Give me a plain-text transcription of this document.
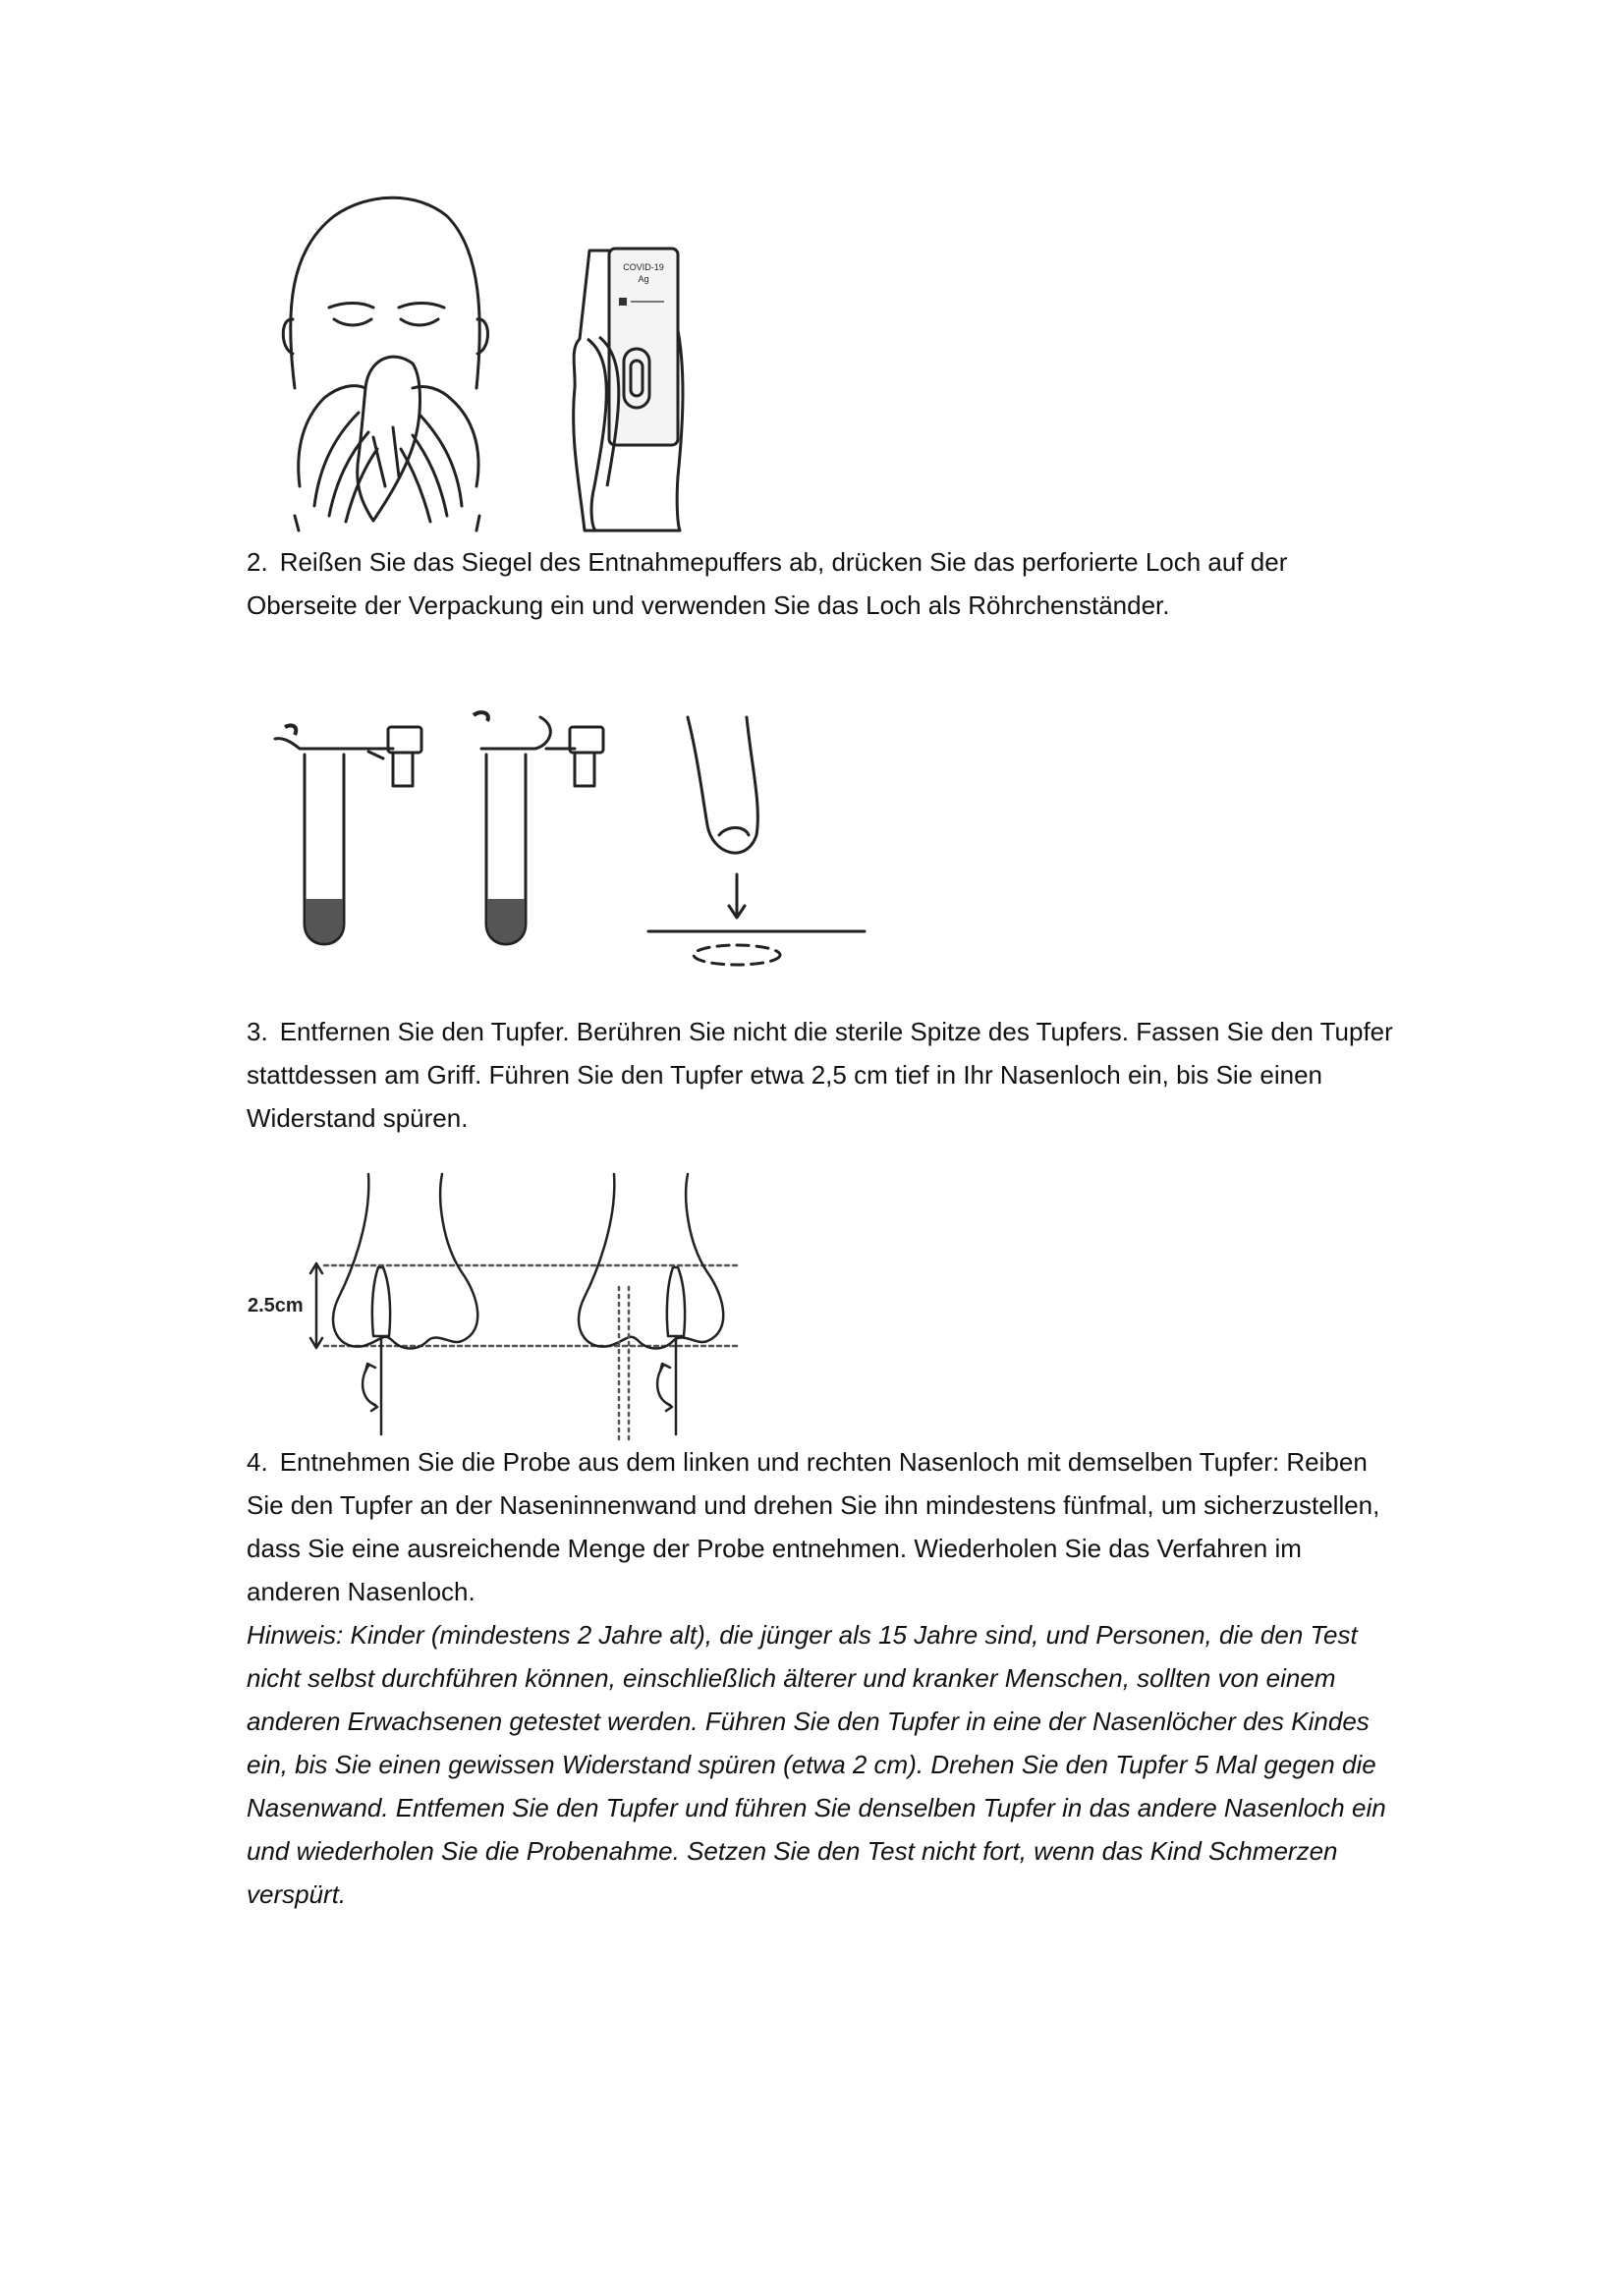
COVID-19
Ag

2. Reißen Sie das Siegel des Entnahmepuffers ab, drücken Sie das perforierte Loch auf der Oberseite der Verpackung ein und verwenden Sie das Loch als Röhrchenständer.

3. Entfernen Sie den Tupfer. Berühren Sie nicht die sterile Spitze des Tupfers. Fassen Sie den Tupfer stattdessen am Griff. Führen Sie den Tupfer etwa 2,5 cm tief in Ihr Nasenloch ein, bis Sie einen Widerstand spüren.

2.5cm

4. Entnehmen Sie die Probe aus dem linken und rechten Nasenloch mit demselben Tupfer: Reiben Sie den Tupfer an der Naseninnenwand und drehen Sie ihn mindestens fünfmal, um sicherzustellen, dass Sie eine ausreichende Menge der Probe entnehmen. Wiederholen Sie das Verfahren im anderen Nasenloch.

Hinweis: Kinder (mindestens 2 Jahre alt), die jünger als 15 Jahre sind, und Personen, die den Test nicht selbst durchführen können, einschließlich älterer und kranker Menschen, sollten von einem anderen Erwachsenen getestet werden. Führen Sie den Tupfer in eine der Nasenlöcher des Kindes ein, bis Sie einen gewissen Widerstand spüren (etwa 2 cm). Drehen Sie den Tupfer 5 Mal gegen die Nasenwand. Entfemen Sie den Tupfer und führen Sie denselben Tupfer in das andere Nasenloch ein und wiederholen Sie die Probenahme. Setzen Sie den Test nicht fort, wenn das Kind Schmerzen verspürt.
